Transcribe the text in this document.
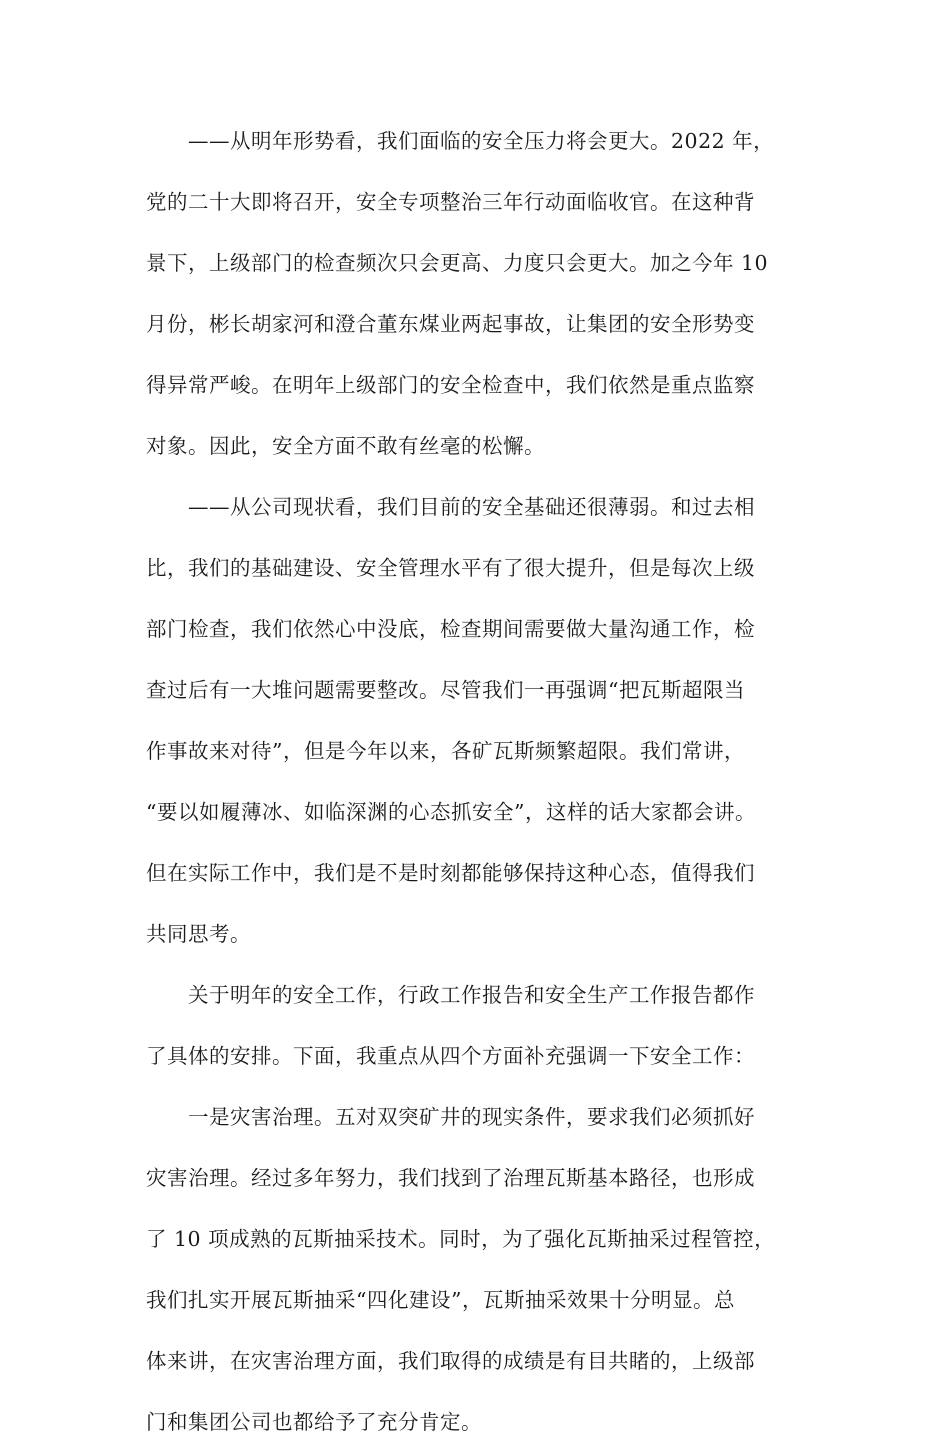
　　——从明年形势看，我们面临的安全压力将会更大。2022 年，
党的二十大即将召开，安全专项整治三年行动面临收官。在这种背
景下，上级部门的检查频次只会更高、力度只会更大。加之今年 10
月份，彬长胡家河和澄合董东煤业两起事故，让集团的安全形势变
得异常严峻。在明年上级部门的安全检查中，我们依然是重点监察
对象。因此，安全方面不敢有丝毫的松懈。
　　——从公司现状看，我们目前的安全基础还很薄弱。和过去相
比，我们的基础建设、安全管理水平有了很大提升，但是每次上级
部门检查，我们依然心中没底，检查期间需要做大量沟通工作，检
查过后有一大堆问题需要整改。尽管我们一再强调“把瓦斯超限当
作事故来对待”，但是今年以来，各矿瓦斯频繁超限。我们常讲，
“要以如履薄冰、如临深渊的心态抓安全”，这样的话大家都会讲。
但在实际工作中，我们是不是时刻都能够保持这种心态，值得我们
共同思考。
　　关于明年的安全工作，行政工作报告和安全生产工作报告都作
了具体的安排。下面，我重点从四个方面补充强调一下安全工作：
　　一是灾害治理。五对双突矿井的现实条件，要求我们必须抓好
灾害治理。经过多年努力，我们找到了治理瓦斯基本路径，也形成
了 10 项成熟的瓦斯抽采技术。同时，为了强化瓦斯抽采过程管控，
我们扎实开展瓦斯抽采“四化建设”，瓦斯抽采效果十分明显。总
体来讲，在灾害治理方面，我们取得的成绩是有目共睹的，上级部
门和集团公司也都给予了充分肯定。
